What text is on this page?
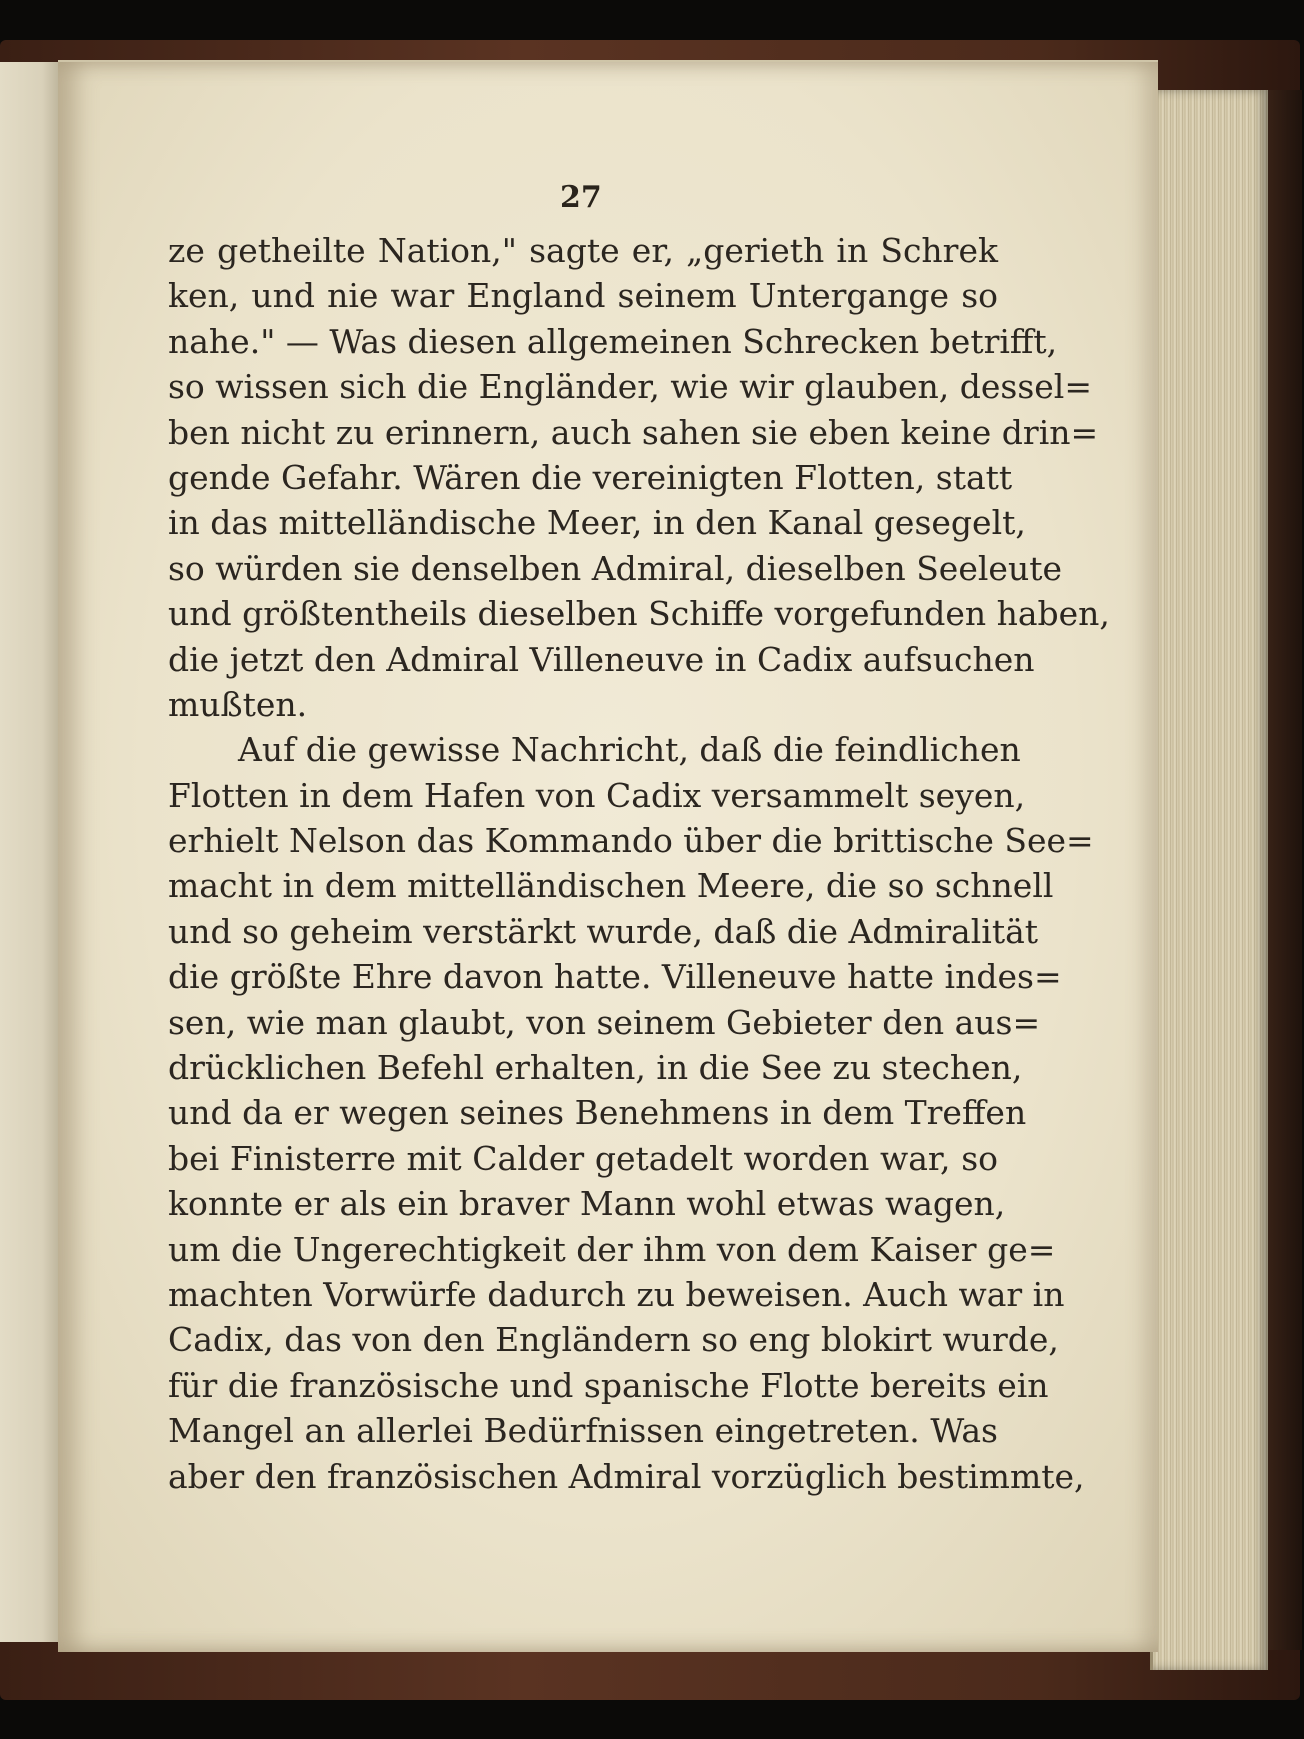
27
ze getheilte Nation," sagte er, „gerieth in Schrek
ken, und nie war England seinem Untergange so
nahe." — Was diesen allgemeinen Schrecken betrifft,
so wissen sich die Engländer, wie wir glauben, dessel=
ben nicht zu erinnern, auch sahen sie eben keine drin=
gende Gefahr. Wären die vereinigten Flotten, statt
in das mittelländische Meer, in den Kanal gesegelt,
so würden sie denselben Admiral, dieselben Seeleute
und größtentheils dieselben Schiffe vorgefunden haben,
die jetzt den Admiral Villeneuve in Cadix aufsuchen
mußten.
Auf die gewisse Nachricht, daß die feindlichen
Flotten in dem Hafen von Cadix versammelt seyen,
erhielt Nelson das Kommando über die brittische See=
macht in dem mittelländischen Meere, die so schnell
und so geheim verstärkt wurde, daß die Admiralität
die größte Ehre davon hatte. Villeneuve hatte indes=
sen, wie man glaubt, von seinem Gebieter den aus=
drücklichen Befehl erhalten, in die See zu stechen,
und da er wegen seines Benehmens in dem Treffen
bei Finisterre mit Calder getadelt worden war, so
konnte er als ein braver Mann wohl etwas wagen,
um die Ungerechtigkeit der ihm von dem Kaiser ge=
machten Vorwürfe dadurch zu beweisen. Auch war in
Cadix, das von den Engländern so eng blokirt wurde,
für die französische und spanische Flotte bereits ein
Mangel an allerlei Bedürfnissen eingetreten. Was
aber den französischen Admiral vorzüglich bestimmte,
